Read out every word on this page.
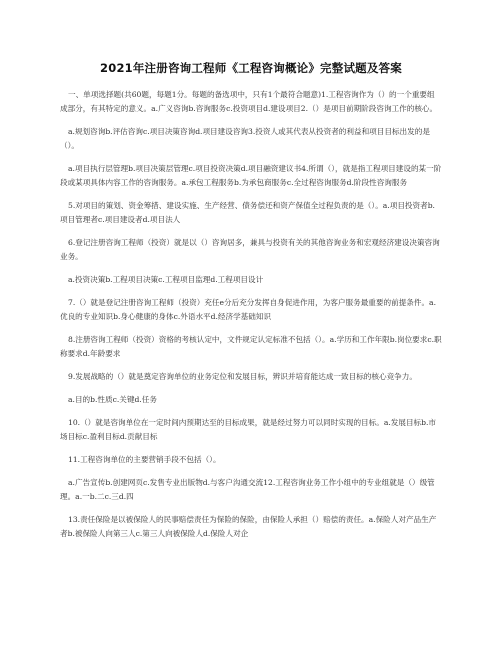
2021年注册咨询工程师《工程咨询概论》完整试题及答案

一、单项选择题(共60题，每题1分。每题的备选项中，只有1个最符合题意)1.工程咨询作为（）的一个重要组成部分，有其特定的意义。a.广义咨询b.咨询服务c.投资项目d.建设项目2.（）是项目前期阶段咨询工作的核心。

a.规划咨询b.评估咨询c.项目决策咨询d.项目建设咨询3.投资人或其代表从投资者的利益和项目目标出发的是（）。

a.项目执行层管理b.项目决策层管理c.项目投资决策d.项目融资建议书4.所谓（），就是指工程项目建设的某一阶段或某项具体内容工作的咨询服务。a.承包工程服务b.为承包商服务c.全过程咨询服务d.阶段性咨询服务

5.对项目的策划、资金筹措、建设实施、生产经营、债务偿还和资产保值全过程负责的是（）。a.项目投资者b.项目管理者c.项目建设者d.项目法人

6.登记注册咨询工程师（投资）就是以（）咨询居多，兼具与投资有关的其他咨询业务和宏观经济建设决策咨询业务。

a.投资决策b.工程项目决策c.工程项目监理d.工程项目设计

7.（）就是登记注册咨询工程师（投资）充任e分后充分发挥自身促进作用，为客户服务最重要的前提条件。a.优良的专业知识b.身心健康的身体c.外语水平d.经济学基础知识

8.注册咨询工程师（投资）资格的考核认定中，文件规定认定标准不包括（）。a.学历和工作年限b.岗位要求c.职称要求d.年龄要求

9.发展战略的（）就是奠定咨询单位的业务定位和发展目标，辨识并培育能达成一致目标的核心竞争力。

a.目的b.性质c.关键d.任务

10.（）就是咨询单位在一定时间内预期达至的目标成果，就是经过努力可以同时实现的目标。a.发展目标b.市场目标c.盈利目标d.贡献目标

11.工程咨询单位的主要营销手段不包括（）。

a.广告宣传b.创建网页c.发售专业出版物d.与客户沟通交流12.工程咨询业务工作小组中的专业组就是（）级管理。a.一b.二c.三d.四

13.责任保险是以被保险人的民事赔偿责任为保险的保险，由保险人承担（）赔偿的责任。a.保险人对产品生产者b.被保险人向第三人c.第三人向被保险人d.保险人对企
